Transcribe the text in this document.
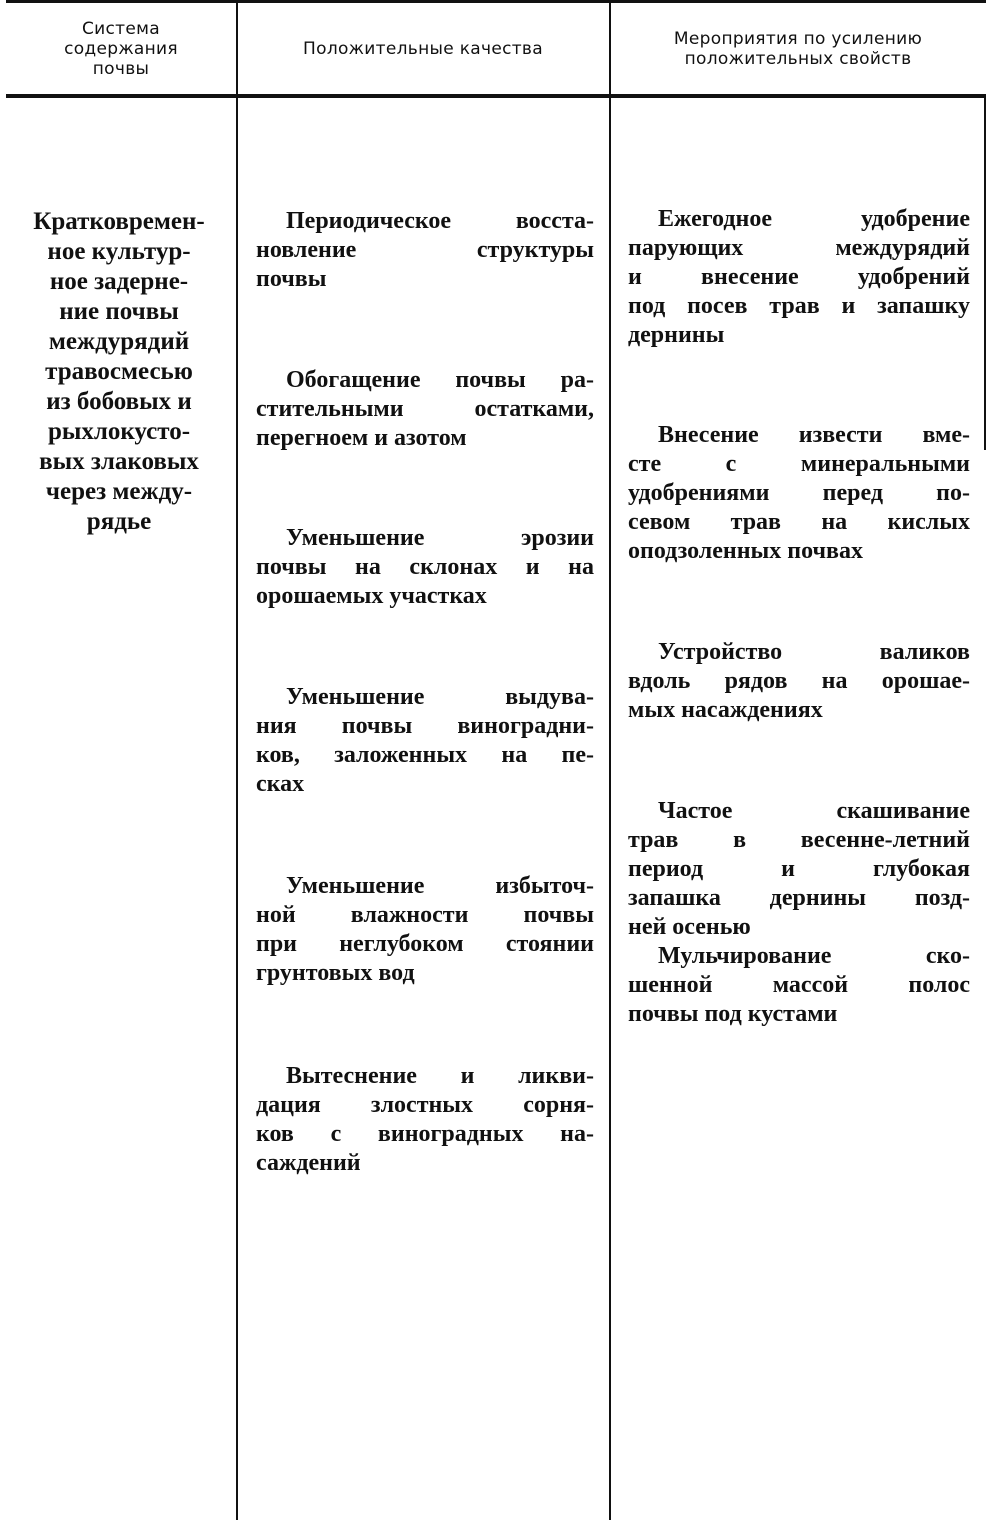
Система
содержания
почвы
Положительные качества	Мероприятия по усилению
положительных свойств
Кратковремен-
ное культур-
ное задерне-
ние почвы
междурядий
травосмесью
из бобовых и
рыхлокусто-
вых злаковых
через между-
рядье
Периодическое восста-
новление структуры
почвы
Обогащение почвы ра-
стительными остатками,
перегноем и азотом
Уменьшение эрозии
почвы на склонах и на
орошаемых участках
Уменьшение выдува-
ния почвы виноградни-
ков, заложенных на пе-
сках
Уменьшение избыточ-
ной влажности почвы
при неглубоком стоянии
грунтовых вод
Вытеснение и ликви-
дация злостных сорня-
ков с виноградных на-
саждений
Ежегодное удобрение
парующих междурядий
и внесение удобрений
под посев трав и запашку
дернины
Внесение извести вме-
сте с минеральными
удобрениями перед по-
севом трав на кислых
оподзоленных почвах
Устройство валиков
вдоль рядов на орошае-
мых насаждениях
Частое скашивание
трав в весенне-летний
период и глубокая
запашка дернины позд-
ней осенью
Мульчирование ско-
шенной массой полос
почвы под кустами
